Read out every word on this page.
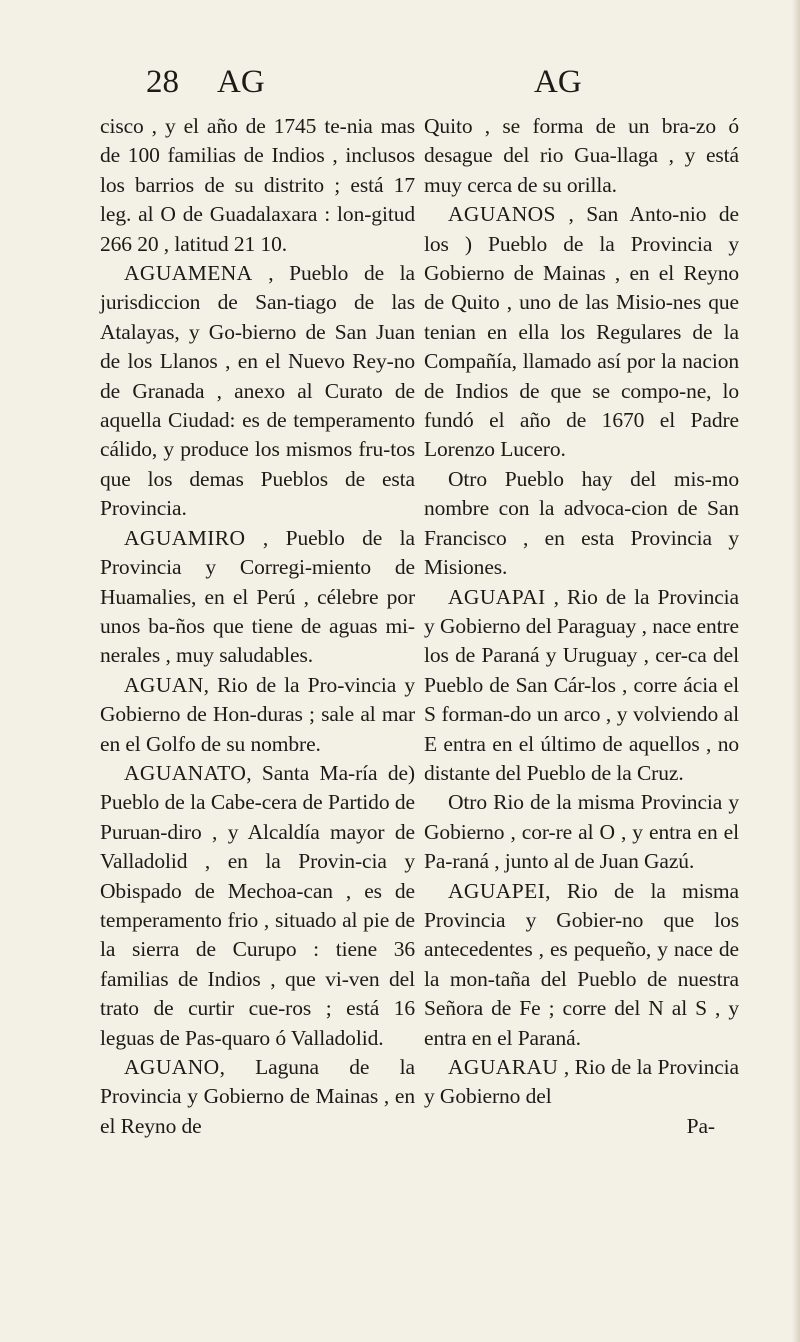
28 AG	AG

cisco , y el año de 1745 te-nia mas de 100 familias de Indios , inclusos los barrios de su distrito ; está 17 leg. al O de Guadalaxara : lon-gitud 266 20 , latitud 21 10.

AGUAMENA , Pueblo de la jurisdiccion de San-tiago de las Atalayas, y Go-bierno de San Juan de los Llanos , en el Nuevo Rey-no de Granada , anexo al Curato de aquella Ciudad: es de temperamento cálido, y produce los mismos fru-tos que los demas Pueblos de esta Provincia.

AGUAMIRO , Pueblo de la Provincia y Corregi-miento de Huamalies, en el Perú , célebre por unos ba-ños que tiene de aguas mi-nerales , muy saludables.

AGUAN, Rio de la Pro-vincia y Gobierno de Hon-duras ; sale al mar en el Golfo de su nombre.

AGUANATO, Santa Ma-ría de) Pueblo de la Cabe-cera de Partido de Puruan-diro , y Alcaldía mayor de Valladolid , en la Provin-cia y Obispado de Mechoa-can , es de temperamento frio , situado al pie de la sierra de Curupo : tiene 36 familias de Indios , que vi-ven del trato de curtir cue-ros ; está 16 leguas de Pas-quaro ó Valladolid.

AGUANO, Laguna de la Provincia y Gobierno de Mainas , en el Reyno de

Quito , se forma de un bra-zo ó desague del rio Gua-llaga , y está muy cerca de su orilla.

AGUANOS , San Anto-nio de los ) Pueblo de la Provincia y Gobierno de Mainas , en el Reyno de Quito , uno de las Misio-nes que tenian en ella los Regulares de la Compañía, llamado así por la nacion de Indios de que se compo-ne, lo fundó el año de 1670 el Padre Lorenzo Lucero.

Otro Pueblo hay del mis-mo nombre con la advoca-cion de San Francisco , en esta Provincia y Misiones.

AGUAPAI , Rio de la Provincia y Gobierno del Paraguay , nace entre los de Paraná y Uruguay , cer-ca del Pueblo de San Cár-los , corre ácia el S forman-do un arco , y volviendo al E entra en el último de aquellos , no distante del Pueblo de la Cruz.

Otro Rio de la misma Provincia y Gobierno , cor-re al O , y entra en el Pa-raná , junto al de Juan Gazú.

AGUAPEI, Rio de la misma Provincia y Gobier-no que los antecedentes , es pequeño, y nace de la mon-taña del Pueblo de nuestra Señora de Fe ; corre del N al S , y entra en el Paraná.

AGUARAU , Rio de la Provincia y Gobierno del

Pa-
